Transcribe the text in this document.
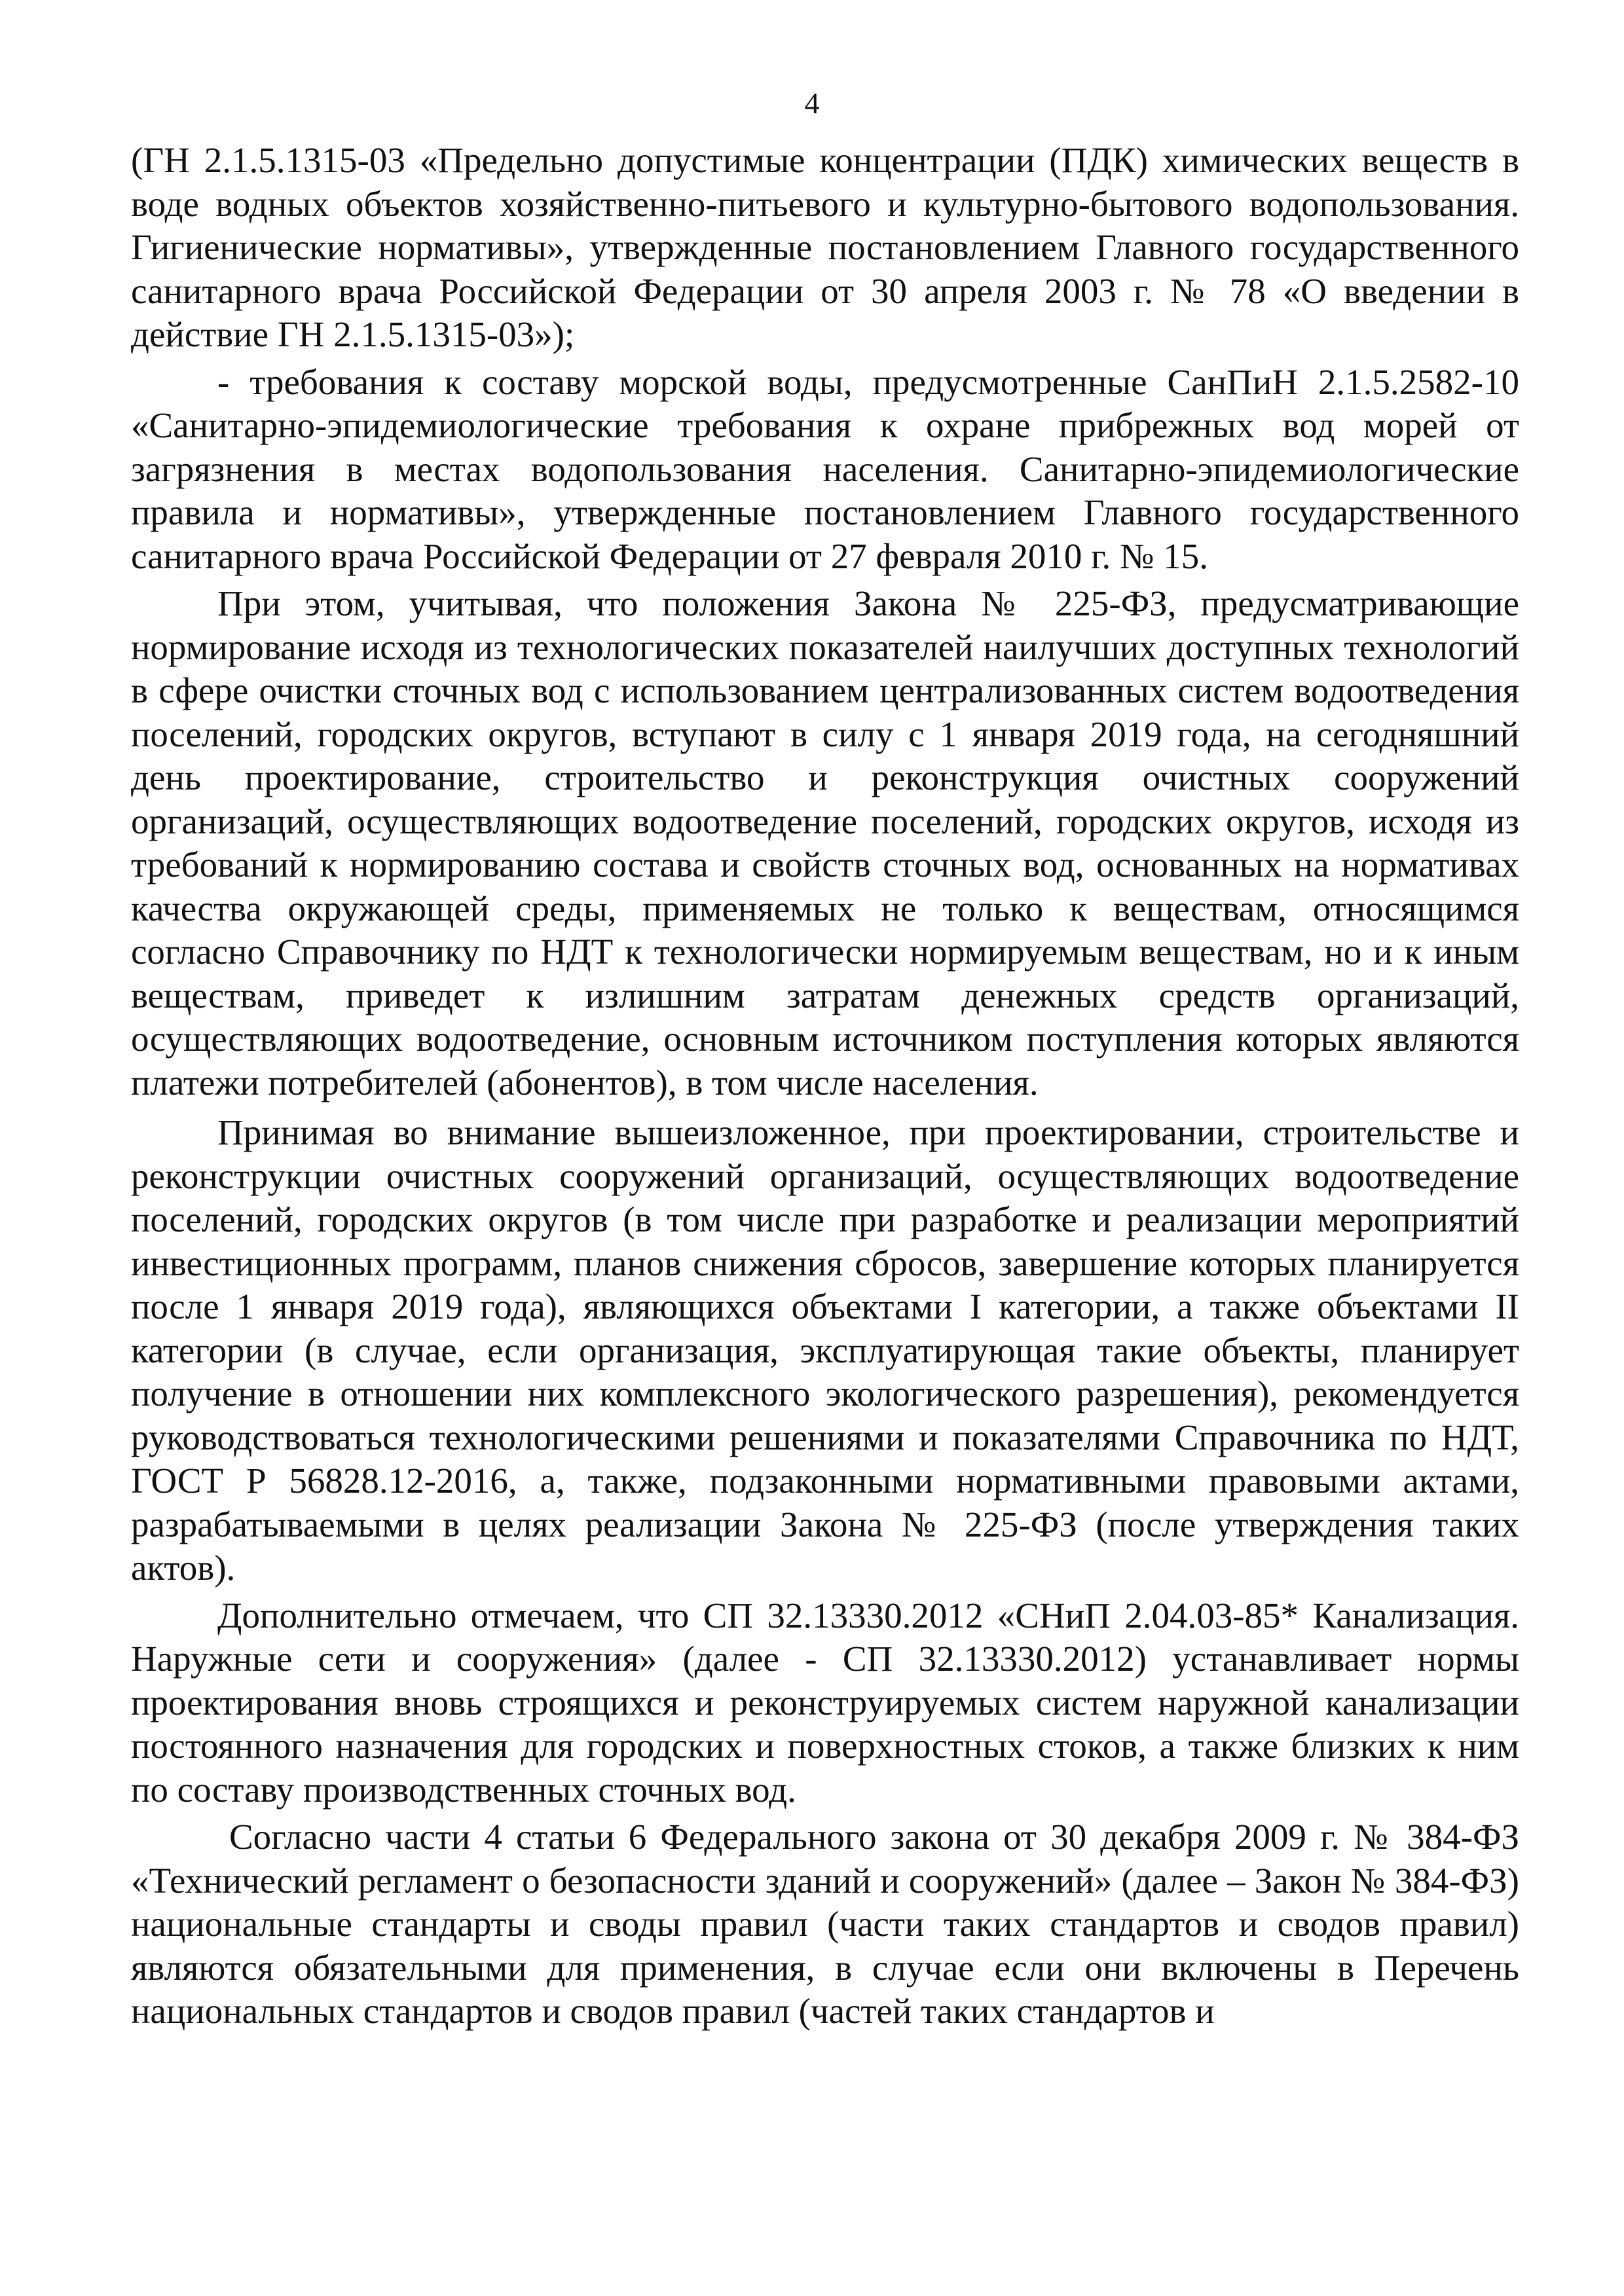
4

(ГН 2.1.5.1315-03 «Предельно допустимые концентрации (ПДК) химических веществ в воде водных объектов хозяйственно-питьевого и культурно-бытового водопользования. Гигиенические нормативы», утвержденные постановлением Главного государственного санитарного врача Российской Федерации от 30 апреля 2003 г. № 78 «О введении в действие ГН 2.1.5.1315-03»);

- требования к составу морской воды, предусмотренные СанПиН 2.1.5.2582-10 «Санитарно-эпидемиологические требования к охране прибрежных вод морей от загрязнения в местах водопользования населения. Санитарно-эпидемиологические правила и нормативы», утвержденные постановлением Главного государственного санитарного врача Российской Федерации от 27 февраля 2010 г. № 15.

При этом, учитывая, что положения Закона № 225-ФЗ, предусматривающие нормирование исходя из технологических показателей наилучших доступных технологий в сфере очистки сточных вод с использованием централизованных систем водоотведения поселений, городских округов, вступают в силу с 1 января 2019 года, на сегодняшний день проектирование, строительство и реконструкция очистных сооружений организаций, осуществляющих водоотведение поселений, городских округов, исходя из требований к нормированию состава и свойств сточных вод, основанных на нормативах качества окружающей среды, применяемых не только к веществам, относящимся согласно Справочнику по НДТ к технологически нормируемым веществам, но и к иным веществам, приведет к излишним затратам денежных средств организаций, осуществляющих водоотведение, основным источником поступления которых являются платежи потребителей (абонентов), в том числе населения.

Принимая во внимание вышеизложенное, при проектировании, строительстве и реконструкции очистных сооружений организаций, осуществляющих водоотведение поселений, городских округов (в том числе при разработке и реализации мероприятий инвестиционных программ, планов снижения сбросов, завершение которых планируется после 1 января 2019 года), являющихся объектами I категории, а также объектами II категории (в случае, если организация, эксплуатирующая такие объекты, планирует получение в отношении них комплексного экологического разрешения), рекомендуется руководствоваться технологическими решениями и показателями Справочника по НДТ, ГОСТ Р 56828.12-2016, а, также, подзаконными нормативными правовыми актами, разрабатываемыми в целях реализации Закона № 225-ФЗ (после утверждения таких актов).

Дополнительно отмечаем, что СП 32.13330.2012 «СНиП 2.04.03-85* Канализация. Наружные сети и сооружения» (далее - СП 32.13330.2012) устанавливает нормы проектирования вновь строящихся и реконструируемых систем наружной канализации постоянного назначения для городских и поверхностных стоков, а также близких к ним по составу производственных сточных вод.

Согласно части 4 статьи 6 Федерального закона от 30 декабря 2009 г. № 384-ФЗ «Технический регламент о безопасности зданий и сооружений» (далее – Закон № 384-ФЗ) национальные стандарты и своды правил (части таких стандартов и сводов правил) являются обязательными для применения, в случае если они включены в Перечень национальных стандартов и сводов правил (частей таких стандартов и
